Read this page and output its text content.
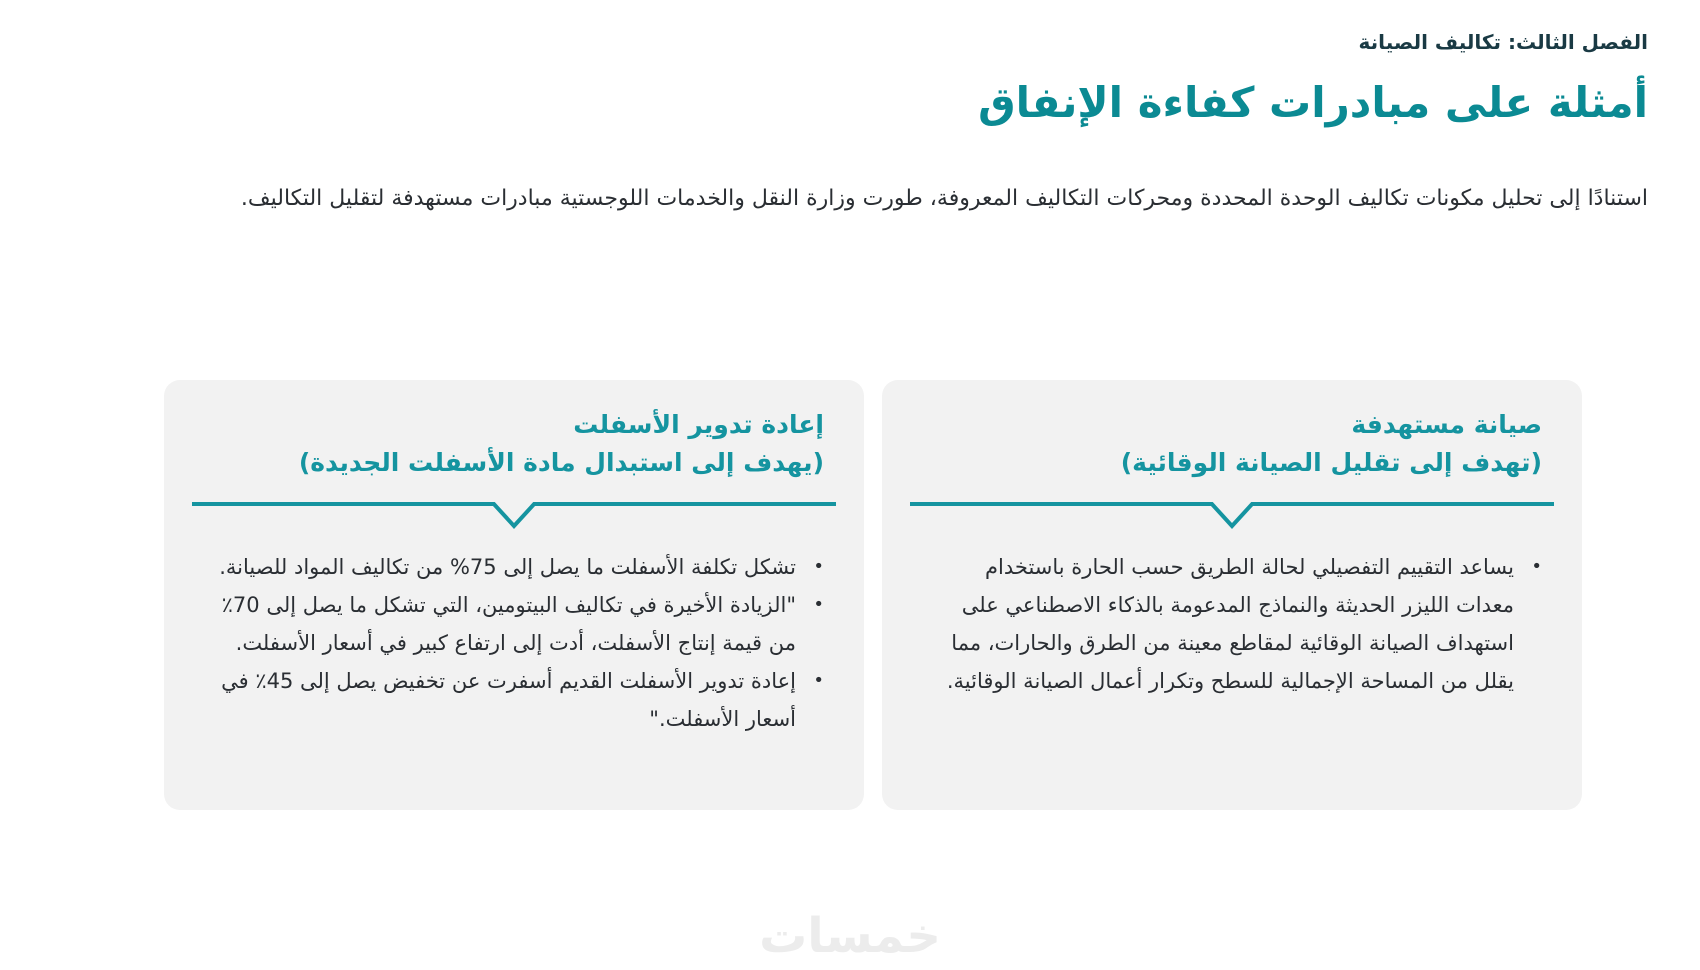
الفصل الثالث: تكاليف الصيانة

أمثلة على مبادرات كفاءة الإنفاق

استنادًا إلى تحليل مكونات تكاليف الوحدة المحددة ومحركات التكاليف المعروفة، طورت وزارة النقل والخدمات اللوجستية مبادرات مستهدفة لتقليل التكاليف.

صيانة مستهدفة

(تهدف إلى تقليل الصيانة الوقائية)

•
يساعد التقييم التفصيلي لحالة الطريق حسب الحارة باستخدام معدات الليزر الحديثة والنماذج المدعومة بالذكاء الاصطناعي على استهداف الصيانة الوقائية لمقاطع معينة من الطرق والحارات، مما يقلل من المساحة الإجمالية للسطح وتكرار أعمال الصيانة الوقائية.

إعادة تدوير الأسفلت

(يهدف إلى استبدال مادة الأسفلت الجديدة)

•
تشكل تكلفة الأسفلت ما يصل إلى 75% من تكاليف المواد للصيانة.
•
"الزيادة الأخيرة في تكاليف البيتومين، التي تشكل ما يصل إلى 70٪ من قيمة إنتاج الأسفلت، أدت إلى ارتفاع كبير في أسعار الأسفلت.
•
إعادة تدوير الأسفلت القديم أسفرت عن تخفيض يصل إلى 45٪ في أسعار الأسفلت."
خمسات
